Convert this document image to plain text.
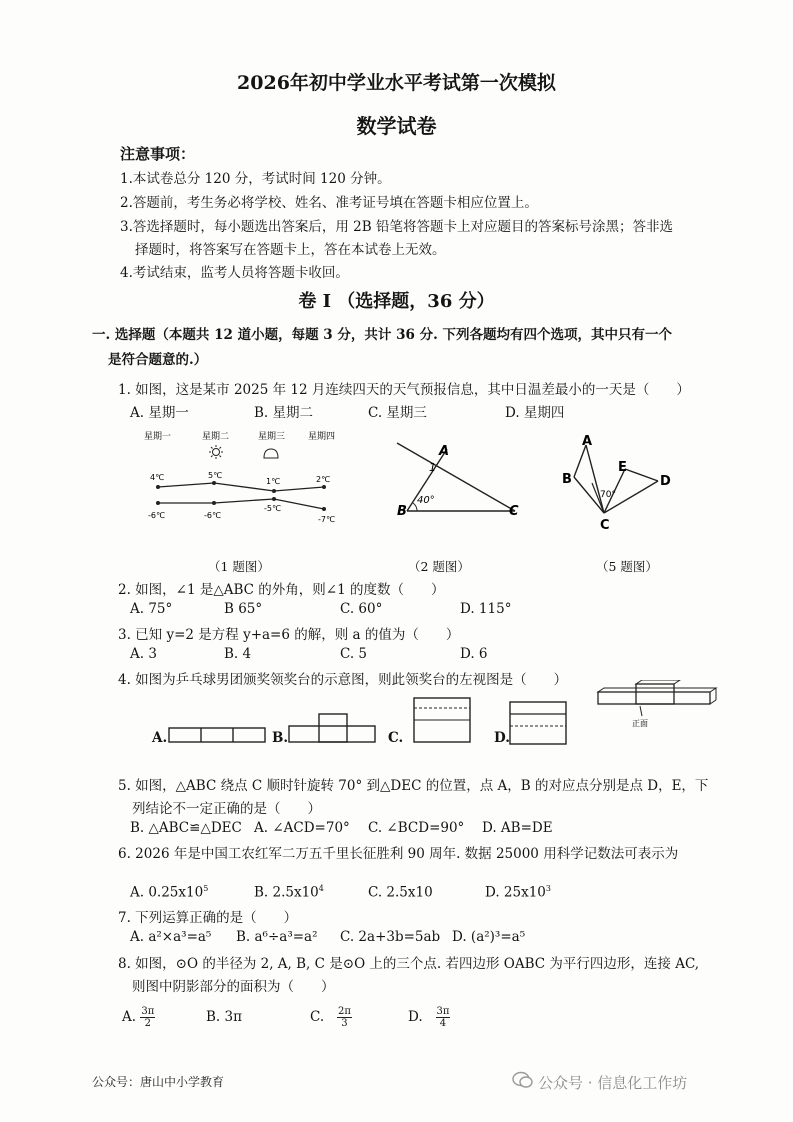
2026年初中学业水平考试第一次模拟
数学试卷
注意事项：
1.本试卷总分 120 分，考试时间 120 分钟。
2.答题前，考生务必将学校、姓名、准考证号填在答题卡相应位置上。
3.答选择题时，每小题选出答案后，用 2B 铅笔将答题卡上对应题目的答案标号涂黑；答非选
择题时，将答案写在答题卡上，答在本试卷上无效。
4.考试结束，监考人员将答题卡收回。
卷 I （选择题，36 分）
一. 选择题（本题共 12 道小题，每题 3 分，共计 36 分. 下列各题均有四个选项，其中只有一个
是符合题意的.）
1. 如图，这是某市 2025 年 12 月连续四天的天气预报信息，其中日温差最小的一天是（　　）
A. 星期一	B. 星期二	C. 星期三	D. 星期四
星期一	星期二	星期三	星期四
4℃	5℃
1℃	2℃
-6℃	-6℃
-5℃
-7℃
A
1
B
40°
C
A
B
C
E
D
70°
（1 题图）	（2 题图）	（5 题图）
2. 如图，∠1 是△ABC 的外角，则∠1 的度数（　　）
A. 75°	B 65°	C. 60°	D. 115°
3. 已知 y=2 是方程 y+a=6 的解，则 a 的值为（　　）
A. 3	B. 4	C. 5	D. 6
4. 如图为乒乓球男团颁奖领奖台的示意图，则此领奖台的左视图是（　　）
正面
A.	B.	C.	D.
5. 如图，△ABC 绕点 C 顺时针旋转 70° 到△DEC 的位置，点 A，B 的对应点分别是点 D，E，下
列结论不一定正确的是（　　）
B. △ABC≌△DEC A. ∠ACD=70° C. ∠BCD=90° D. AB=DE
6. 2026 年是中国工农红军二万五千里长征胜利 90 周年. 数据 25000 用科学记数法可表示为
A. $0.25x10^5$	B. $2.5x10^4$	C. 2.5x10	D. $25x10^3$
7. 下列运算正确的是（　　）
A. a²×a³=a⁵ B. a⁶÷a³=a² C. 2a+3b=5ab D. (a²)³=a⁵
8. 如图，⊙O 的半径为 2, A, B, C 是⊙O 上的三个点. 若四边形 OABC 为平行四边形，连接 AC,
则图中阴影部分的面积为（　　）
A. $\frac{3\pi}{2}$	B. 3π	C. $\frac{2\pi}{3}$	D. $\frac{3\pi}{4}$
公众号：唐山中小学教育	公众号 · 信息化工作坊
